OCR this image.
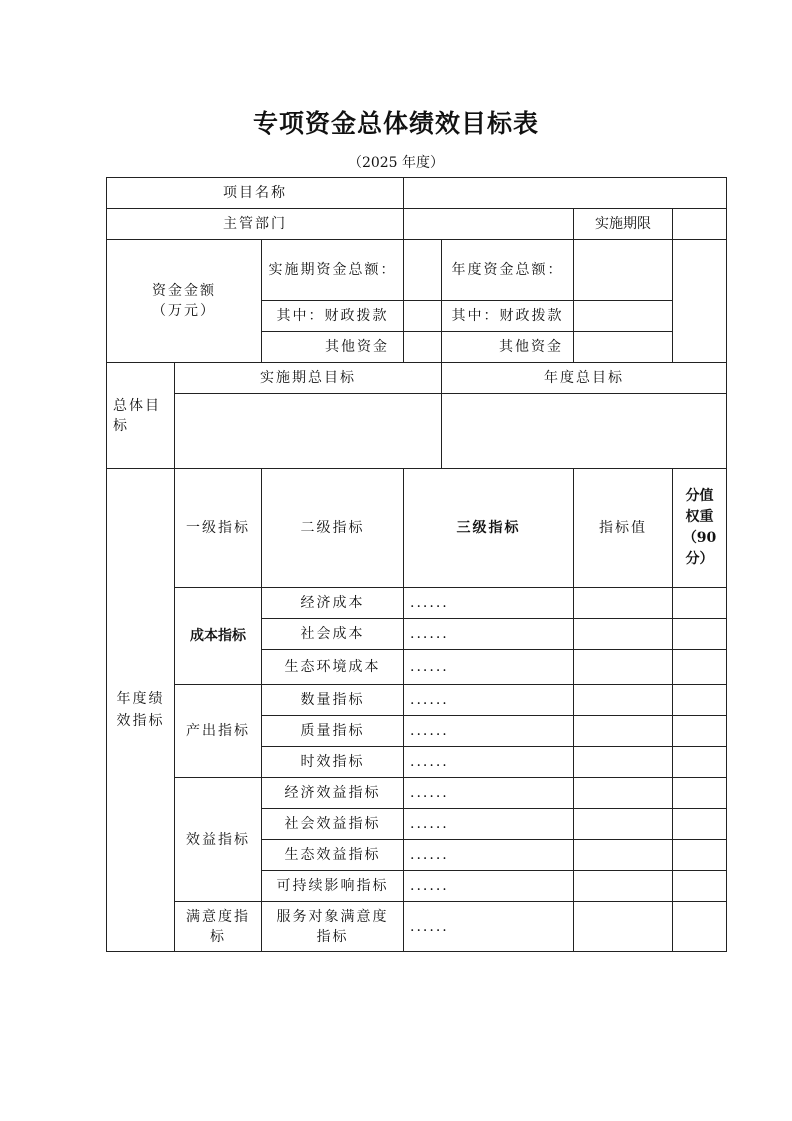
专项资金总体绩效目标表
（2025 年度）
项目名称							
主管部门					实施期限		
资金金额（万元）		实施期资金总额：		年度资金总额：			
		其中：财政拨款		其中：财政拨款			
		其他资金		其他资金			
总体目标	实施期总目标			年度总目标			

年度绩效指标	一级指标	二级指标	三级指标		指标值	分值权重（90分）	
	成本指标	经济成本	......				
		社会成本	......				
		生态环境成本	......				
	产出指标	数量指标	......				
		质量指标	......				
		时效指标	......				
	效益指标	经济效益指标	......				
		社会效益指标	......				
		生态效益指标	......				
		可持续影响指标	......				
	满意度指标	服务对象满意度指标	......				
